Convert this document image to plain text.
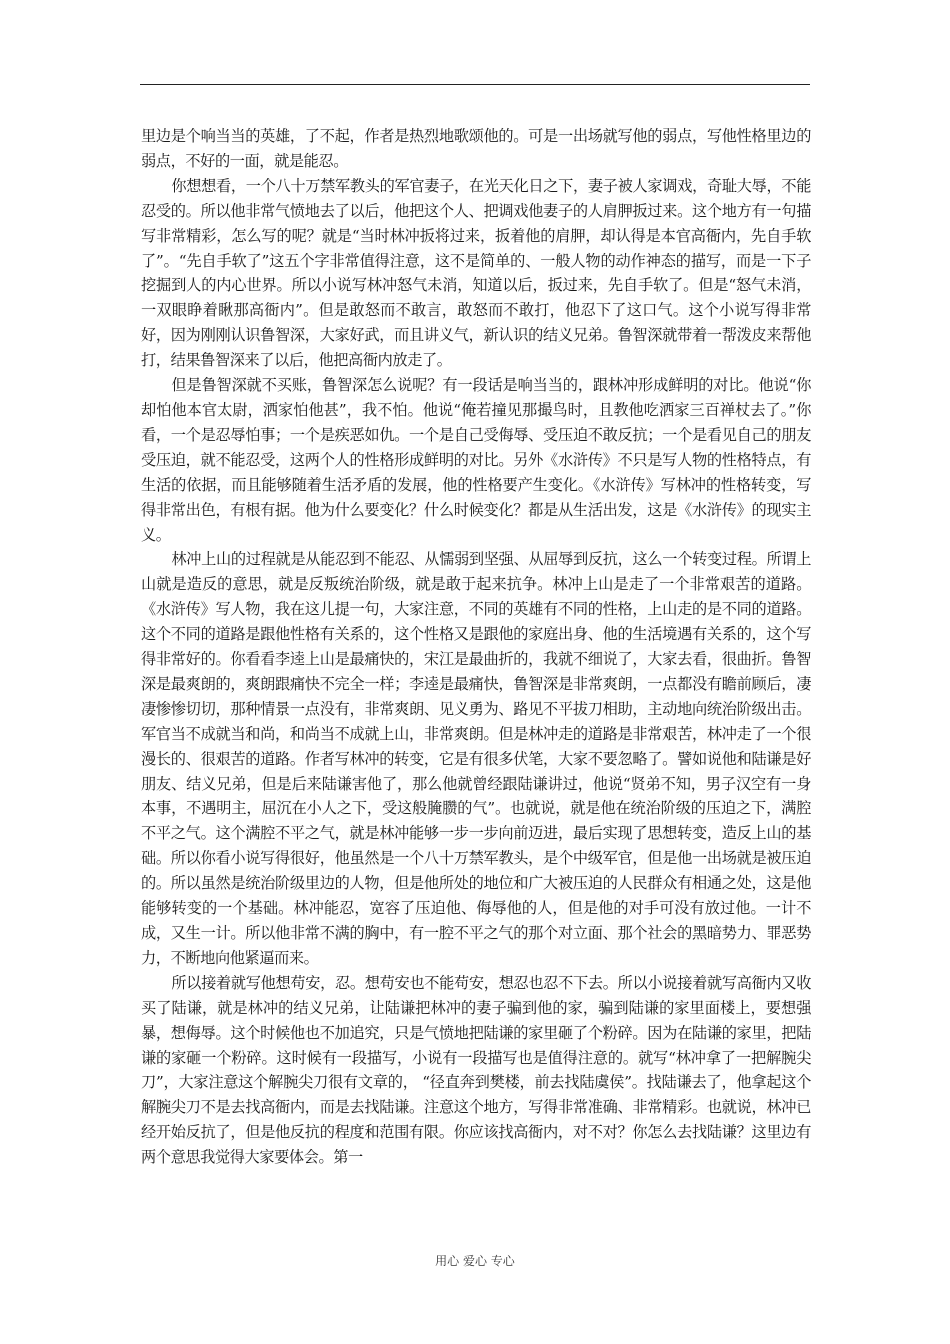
里边是个响当当的英雄，了不起，作者是热烈地歌颂他的。可是一出场就写他的弱点，写他性格里边的弱点，不好的一面，就是能忍。

你想想看，一个八十万禁军教头的军官妻子，在光天化日之下，妻子被人家调戏，奇耻大辱，不能忍受的。所以他非常气愤地去了以后，他把这个人、把调戏他妻子的人肩胛扳过来。这个地方有一句描写非常精彩，怎么写的呢？就是“当时林冲扳将过来，扳着他的肩胛，却认得是本官高衙内，先自手软了”。“先自手软了”这五个字非常值得注意，这不是简单的、一般人物的动作神态的描写，而是一下子挖掘到人的内心世界。所以小说写林冲怒气未消，知道以后，扳过来，先自手软了。但是“怒气未消，一双眼睁着瞅那高衙内”。但是敢怒而不敢言，敢怒而不敢打，他忍下了这口气。这个小说写得非常好，因为刚刚认识鲁智深，大家好武，而且讲义气，新认识的结义兄弟。鲁智深就带着一帮泼皮来帮他打，结果鲁智深来了以后，他把高衙内放走了。

但是鲁智深就不买账，鲁智深怎么说呢？有一段话是响当当的，跟林冲形成鲜明的对比。他说“你却怕他本官太尉，洒家怕他甚”，我不怕。他说“俺若撞见那撮鸟时，且教他吃洒家三百禅杖去了。”你看，一个是忍辱怕事；一个是疾恶如仇。一个是自己受侮辱、受压迫不敢反抗；一个是看见自己的朋友受压迫，就不能忍受，这两个人的性格形成鲜明的对比。另外《水浒传》不只是写人物的性格特点，有生活的依据，而且能够随着生活矛盾的发展，他的性格要产生变化。《水浒传》写林冲的性格转变，写得非常出色，有根有据。他为什么要变化？什么时候变化？都是从生活出发，这是《水浒传》的现实主义。

林冲上山的过程就是从能忍到不能忍、从懦弱到坚强、从屈辱到反抗，这么一个转变过程。所谓上山就是造反的意思，就是反叛统治阶级，就是敢于起来抗争。林冲上山是走了一个非常艰苦的道路。《水浒传》写人物，我在这儿提一句，大家注意，不同的英雄有不同的性格，上山走的是不同的道路。这个不同的道路是跟他性格有关系的，这个性格又是跟他的家庭出身、他的生活境遇有关系的，这个写得非常好的。你看看李逵上山是最痛快的，宋江是最曲折的，我就不细说了，大家去看，很曲折。鲁智深是最爽朗的，爽朗跟痛快不完全一样；李逵是最痛快，鲁智深是非常爽朗，一点都没有瞻前顾后，凄凄惨惨切切，那种情景一点没有，非常爽朗、见义勇为、路见不平拔刀相助，主动地向统治阶级出击。军官当不成就当和尚，和尚当不成就上山，非常爽朗。但是林冲走的道路是非常艰苦，林冲走了一个很漫长的、很艰苦的道路。作者写林冲的转变，它是有很多伏笔，大家不要忽略了。譬如说他和陆谦是好朋友、结义兄弟，但是后来陆谦害他了，那么他就曾经跟陆谦讲过，他说“贤弟不知，男子汉空有一身本事，不遇明主，屈沉在小人之下，受这般腌臜的气”。也就说，就是他在统治阶级的压迫之下，满腔不平之气。这个满腔不平之气，就是林冲能够一步一步向前迈进，最后实现了思想转变，造反上山的基础。所以你看小说写得很好，他虽然是一个八十万禁军教头，是个中级军官，但是他一出场就是被压迫的。所以虽然是统治阶级里边的人物，但是他所处的地位和广大被压迫的人民群众有相通之处，这是他能够转变的一个基础。林冲能忍，宽容了压迫他、侮辱他的人，但是他的对手可没有放过他。一计不成，又生一计。所以他非常不满的胸中，有一腔不平之气的那个对立面、那个社会的黑暗势力、罪恶势力，不断地向他紧逼而来。

所以接着就写他想苟安，忍。想苟安也不能苟安，想忍也忍不下去。所以小说接着就写高衙内又收买了陆谦，就是林冲的结义兄弟，让陆谦把林冲的妻子骗到他的家，骗到陆谦的家里面楼上，要想强暴，想侮辱。这个时候他也不加追究，只是气愤地把陆谦的家里砸了个粉碎。因为在陆谦的家里，把陆谦的家砸一个粉碎。这时候有一段描写，小说有一段描写也是值得注意的。就写“林冲拿了一把解腕尖刀”，大家注意这个解腕尖刀很有文章的， “径直奔到樊楼，前去找陆虞侯”。找陆谦去了，他拿起这个解腕尖刀不是去找高衙内，而是去找陆谦。注意这个地方，写得非常准确、非常精彩。也就说，林冲已经开始反抗了，但是他反抗的程度和范围有限。你应该找高衙内，对不对？你怎么去找陆谦？这里边有两个意思我觉得大家要体会。第一

用心 爱心 专心
